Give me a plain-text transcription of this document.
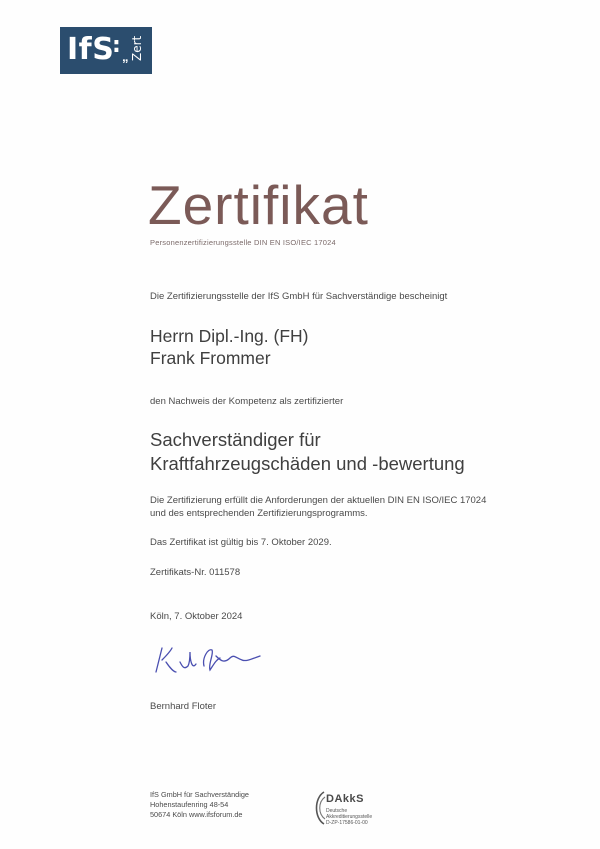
IfS
: „ Zert
Zertifikat
Personenzertifizierungsstelle DIN EN ISO/IEC 17024
Die Zertifizierungsstelle der IfS GmbH für Sachverständige bescheinigt
Herrn Dipl.-Ing. (FH)
Frank Frommer
den Nachweis der Kompetenz als zertifizierter
Sachverständiger für
Kraftfahrzeugschäden und -bewertung
Die Zertifizierung erfüllt die Anforderungen der aktuellen DIN EN ISO/IEC 17024
und des entsprechenden Zertifizierungsprogramms.
Das Zertifikat ist gültig bis 7. Oktober 2029.
Zertifikats-Nr. 011578
Köln, 7. Oktober 2024
Bernhard Floter
IfS GmbH für Sachverständige
Hohenstaufenring 48-54
50674 Köln www.ifsforum.de
DAkkS
Deutsche
Akkreditierungsstelle
D-ZP-17586-01-00
